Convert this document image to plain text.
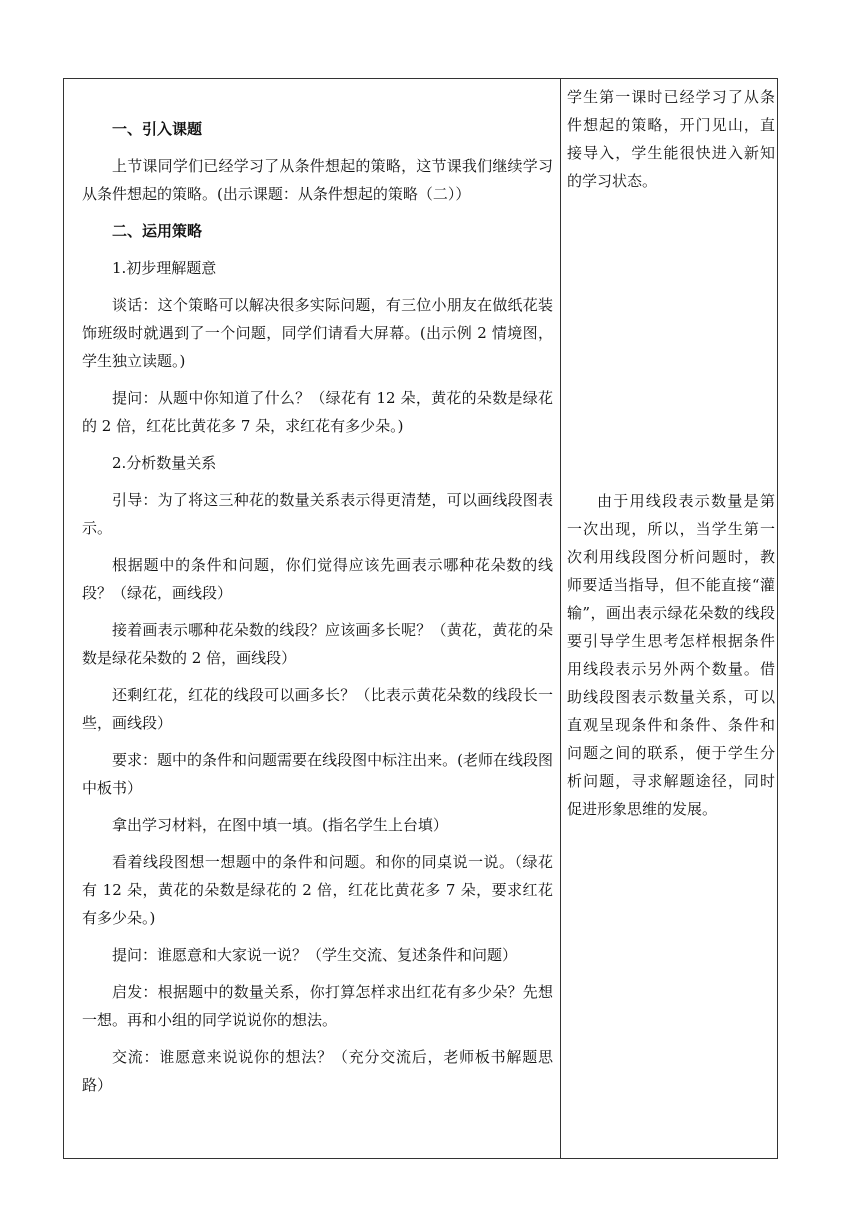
一、引入课题

上节课同学们已经学习了从条件想起的策略，这节课我们继续学习从条件想起的策略。(出示课题：从条件想起的策略（二））

二、运用策略

1.初步理解题意

谈话：这个策略可以解决很多实际问题，有三位小朋友在做纸花装饰班级时就遇到了一个问题，同学们请看大屏幕。(出示例 2 情境图，学生独立读题。)

提问：从题中你知道了什么？（绿花有 12 朵，黄花的朵数是绿花的 2 倍，红花比黄花多 7 朵，求红花有多少朵。)

2.分析数量关系

引导：为了将这三种花的数量关系表示得更清楚，可以画线段图表示。

根据题中的条件和问题，你们觉得应该先画表示哪种花朵数的线段？（绿花，画线段）

接着画表示哪种花朵数的线段？应该画多长呢？（黄花，黄花的朵数是绿花朵数的 2 倍，画线段）

还剩红花，红花的线段可以画多长？（比表示黄花朵数的线段长一些，画线段）

要求：题中的条件和问题需要在线段图中标注出来。(老师在线段图中板书）

拿出学习材料，在图中填一填。(指名学生上台填）

看着线段图想一想题中的条件和问题。和你的同桌说一说。（绿花有 12 朵，黄花的朵数是绿花的 2 倍，红花比黄花多 7 朵，要求红花有多少朵。)

提问：谁愿意和大家说一说？（学生交流、复述条件和问题）

启发：根据题中的数量关系，你打算怎样求出红花有多少朵？先想一想。再和小组的同学说说你的想法。

交流：谁愿意来说说你的想法？（充分交流后，老师板书解题思路）

学生第一课时已经学习了从条件想起的策略，开门见山，直接导入，学生能很快进入新知的学习状态。

由于用线段表示数量是第一次出现，所以，当学生第一次利用线段图分析问题时，教师要适当指导，但不能直接“灌输”，画出表示绿花朵数的线段要引导学生思考怎样根据条件用线段表示另外两个数量。借助线段图表示数量关系，可以直观呈现条件和条件、条件和问题之间的联系，便于学生分析问题，寻求解题途径，同时促进形象思维的发展。
